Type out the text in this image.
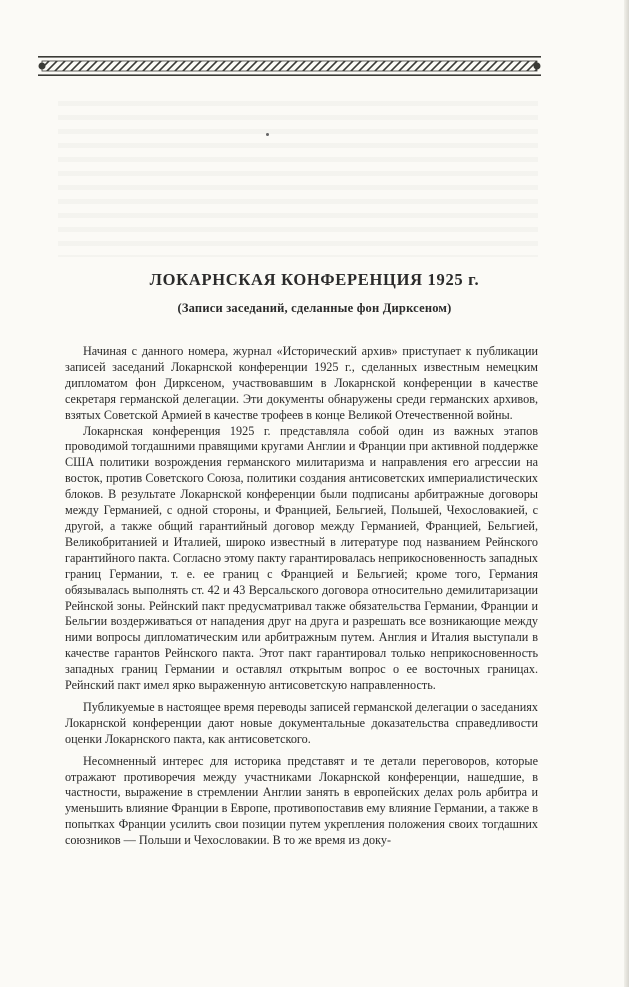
ЛОКАРНСКАЯ КОНФЕРЕНЦИЯ 1925 г.
(Записи заседаний, сделанные фон Дирксеном)

Начиная с данного номера, журнал «Исторический архив» приступает к публикации записей заседаний Локарнской конференции 1925 г., сделанных известным немецким дипломатом фон Дирксеном, участвовавшим в Локарнской конференции в качестве секретаря германской делегации. Эти документы обнаружены среди германских архивов, взятых Советской Армией в качестве трофеев в конце Великой Отечественной войны.

Локарнская конференция 1925 г. представляла собой один из важных этапов проводимой тогдашними правящими кругами Англии и Франции при активной поддержке США политики возрождения германского милитаризма и направления его агрессии на восток, против Советского Союза, политики создания антисоветских империалистических блоков. В результате Локарнской конференции были подписаны арбитражные договоры между Германией, с одной стороны, и Францией, Бельгией, Польшей, Чехословакией, с другой, а также общий гарантийный договор между Германией, Францией, Бельгией, Великобританией и Италией, широко известный в литературе под названием Рейнского гарантийного пакта. Согласно этому пакту гарантировалась неприкосновенность западных границ Германии, т. е. ее границ с Францией и Бельгией; кроме того, Германия обязывалась выполнять ст. 42 и 43 Версальского договора относительно демилитаризации Рейнской зоны. Рейнский пакт предусматривал также обязательства Германии, Франции и Бельгии воздерживаться от нападения друг на друга и разрешать все возникающие между ними вопросы дипломатическим или арбитражным путем. Англия и Италия выступали в качестве гарантов Рейнского пакта. Этот пакт гарантировал только неприкосновенность западных границ Германии и оставлял открытым вопрос о ее восточных границах. Рейнский пакт имел ярко выраженную антисоветскую направленность.

Публикуемые в настоящее время переводы записей германской делегации о заседаниях Локарнской конференции дают новые документальные доказательства справедливости оценки Локарнского пакта, как антисоветского.

Несомненный интерес для историка представят и те детали переговоров, которые отражают противоречия между участниками Локарнской конференции, нашедшие, в частности, выражение в стремлении Англии занять в европейских делах роль арбитра и уменьшить влияние Франции в Европе, противопоставив ему влияние Германии, а также в попытках Франции усилить свои позиции путем укрепления положения своих тогдашних союзников — Польши и Чехословакии. В то же время из доку-
